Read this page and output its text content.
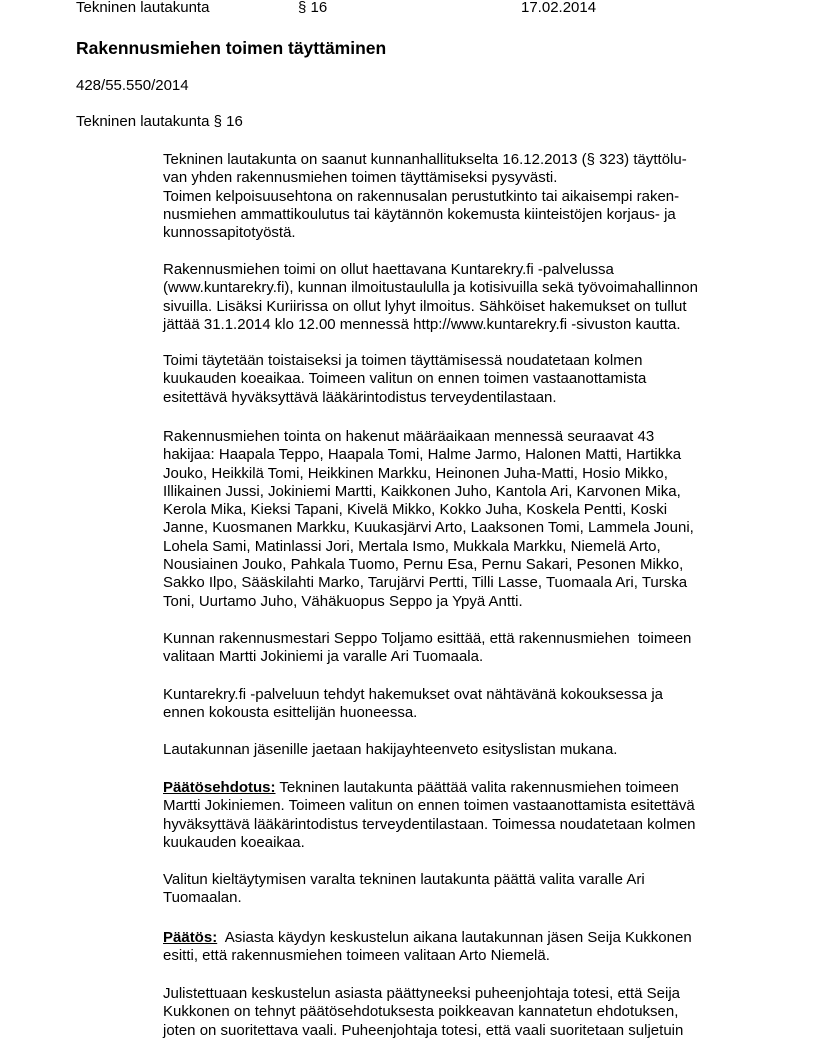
Tekninen lautakunta	§ 16	17.02.2014
Rakennusmiehen toimen täyttäminen
428/55.550/2014
Tekninen lautakunta § 16
Tekninen lautakunta on saanut kunnanhallitukselta 16.12.2013 (§ 323) täyttölu-
van yhden rakennusmiehen toimen täyttämiseksi pysyvästi.
Toimen kelpoisuusehtona on rakennusalan perustutkinto tai aikaisempi raken-
nusmiehen ammattikoulutus tai käytännön kokemusta kiinteistöjen korjaus- ja
kunnossapitotyöstä.
Rakennusmiehen toimi on ollut haettavana Kuntarekry.fi -palvelussa
(www.kuntarekry.fi), kunnan ilmoitustaululla ja kotisivuilla sekä työvoimahallinnon
sivuilla. Lisäksi Kuriirissa on ollut lyhyt ilmoitus. Sähköiset hakemukset on tullut
jättää 31.1.2014 klo 12.00 mennessä http://www.kuntarekry.fi -sivuston kautta.
Toimi täytetään toistaiseksi ja toimen täyttämisessä noudatetaan kolmen
kuukauden koeaikaa. Toimeen valitun on ennen toimen vastaanottamista
esitettävä hyväksyttävä lääkärintodistus terveydentilastaan.
Rakennusmiehen tointa on hakenut määräaikaan mennessä seuraavat 43
hakijaa: Haapala Teppo, Haapala Tomi, Halme Jarmo, Halonen Matti, Hartikka
Jouko, Heikkilä Tomi, Heikkinen Markku, Heinonen Juha-Matti, Hosio Mikko,
Illikainen Jussi, Jokiniemi Martti, Kaikkonen Juho, Kantola Ari, Karvonen Mika,
Kerola Mika, Kieksi Tapani, Kivelä Mikko, Kokko Juha, Koskela Pentti, Koski
Janne, Kuosmanen Markku, Kuukasjärvi Arto, Laaksonen Tomi, Lammela Jouni,
Lohela Sami, Matinlassi Jori, Mertala Ismo, Mukkala Markku, Niemelä Arto,
Nousiainen Jouko, Pahkala Tuomo, Pernu Esa, Pernu Sakari, Pesonen Mikko,
Sakko Ilpo, Sääskilahti Marko, Tarujärvi Pertti, Tilli Lasse, Tuomaala Ari, Turska
Toni, Uurtamo Juho, Vähäkuopus Seppo ja Ypyä Antti.
Kunnan rakennusmestari Seppo Toljamo esittää, että rakennusmiehen  toimeen
valitaan Martti Jokiniemi ja varalle Ari Tuomaala.
Kuntarekry.fi -palveluun tehdyt hakemukset ovat nähtävänä kokouksessa ja
ennen kokousta esittelijän huoneessa.
Lautakunnan jäsenille jaetaan hakijayhteenveto esityslistan mukana.
Päätösehdotus: Tekninen lautakunta päättää valita rakennusmiehen toimeen
Martti Jokiniemen. Toimeen valitun on ennen toimen vastaanottamista esitettävä
hyväksyttävä lääkärintodistus terveydentilastaan. Toimessa noudatetaan kolmen
kuukauden koeaikaa.
Valitun kieltäytymisen varalta tekninen lautakunta päättä valita varalle Ari
Tuomaalan.
Päätös:  Asiasta käydyn keskustelun aikana lautakunnan jäsen Seija Kukkonen
esitti, että rakennusmiehen toimeen valitaan Arto Niemelä.
Julistettuaan keskustelun asiasta päättyneeksi puheenjohtaja totesi, että Seija
Kukkonen on tehnyt päätösehdotuksesta poikkeavan kannatetun ehdotuksen,
joten on suoritettava vaali. Puheenjohtaja totesi, että vaali suoritetaan suljetuin
